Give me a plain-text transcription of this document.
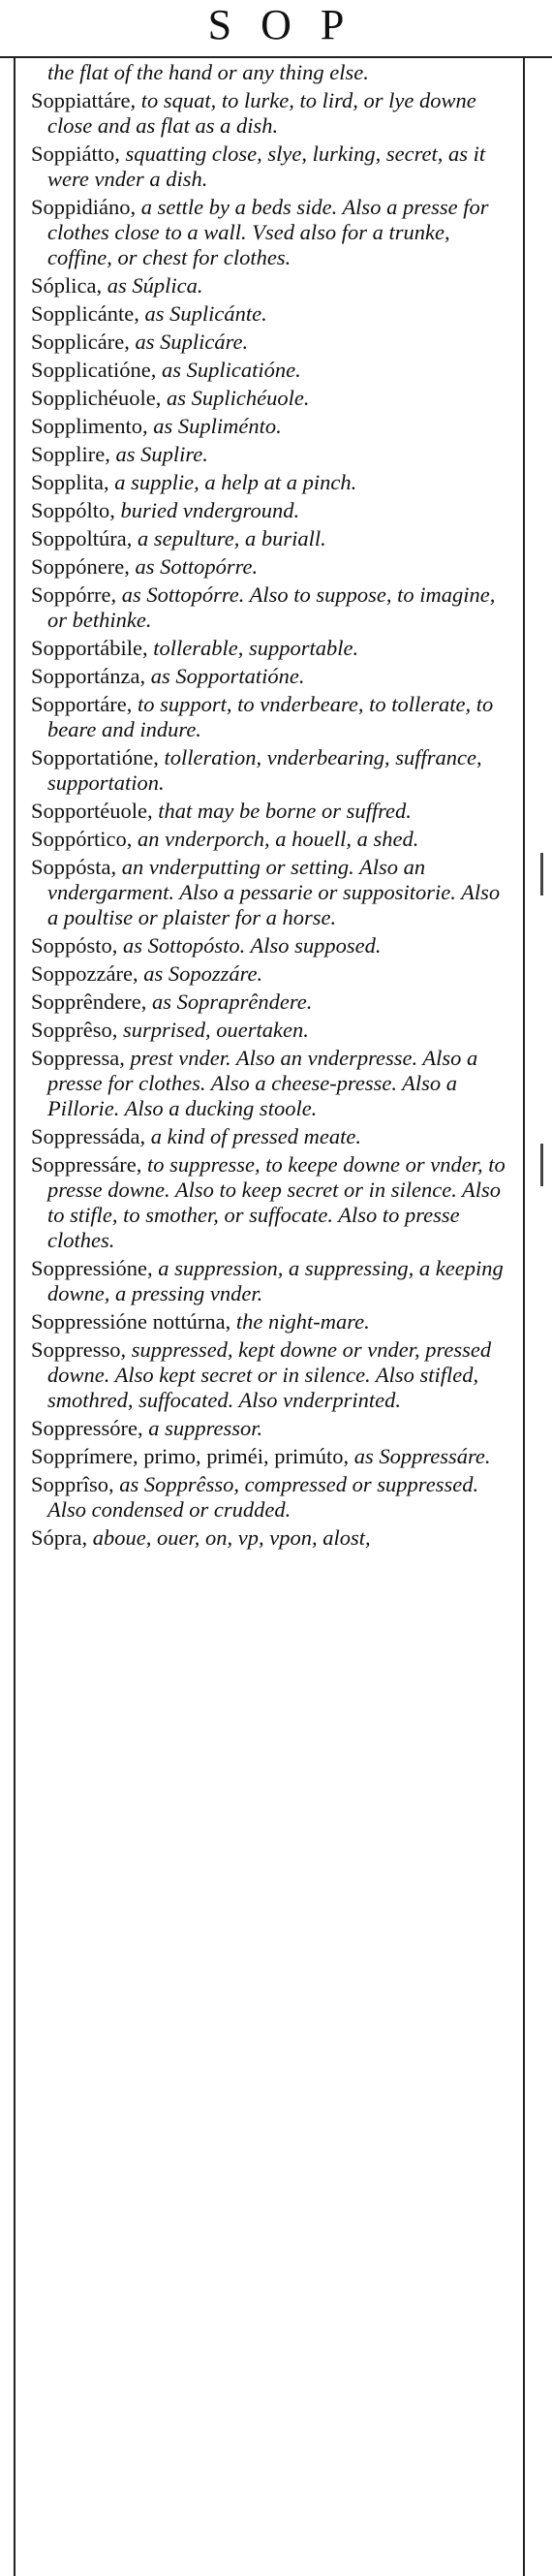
SOP
the flat of the hand or any thing else.
Soppiattáre, to squat, to lurke, to lird, or lye downe close and as flat as a dish.
Soppiátto, squatting close, slye, lurking, secret, as it were vnder a dish.
Soppidiáno, a settle by a beds side. Also a presse for clothes close to a wall. Vsed also for a trunke, coffine, or chest for clothes.
Sóplica, as Súplica.
Sopplicánte, as Suplicánte.
Sopplicáre, as Suplicáre.
Sopplicatióne, as Suplicatióne.
Sopplichéuole, as Suplichéuole.
Sopplimento, as Supliménto.
Sopplire, as Suplire.
Sopplita, a supplie, a help at a pinch.
Soppólto, buried vnderground.
Soppoltúra, a sepulture, a buriall.
Soppónere, as Sottopórre.
Soppórre, as Sottopórre. Also to suppose, to imagine, or bethinke.
Sopportábile, tollerable, supportable.
Sopportánza, as Sopportatióne.
Sopportáre, to support, to vnderbeare, to tollerate, to beare and indure.
Sopportatióne, tolleration, vnderbearing, suffrance, supportation.
Sopportéuole, that may be borne or suffred.
Soppórtico, an vnderporch, a houell, a shed.
Soppósta, an vnderputting or setting. Also an vndergarment. Also a pessarie or suppositorie. Also a poultise or plaister for a horse.
Soppósto, as Sottopósto. Also supposed.
Soppozzáre, as Sopozzáre.
Sopprêndere, as Sopraprêndere.
Sopprêso, surprised, ouertaken.
Soppressa, prest vnder. Also an vnderpresse. Also a presse for clothes. Also a cheese-presse. Also a Pillorie. Also a ducking stoole.
Soppressáda, a kind of pressed meate.
Soppressáre, to suppresse, to keepe downe or vnder, to presse downe. Also to keep secret or in silence. Also to stifle, to smother, or suffocate. Also to presse clothes.
Soppressióne, a suppression, a suppressing, a keeping downe, a pressing vnder.
Soppressióne nottúrna, the night-mare.
Soppresso, suppressed, kept downe or vnder, pressed downe. Also kept secret or in silence. Also stifled, smothred, suffocated. Also vnderprinted.
Soppressóre, a suppressor.
Sopprímere, primo, priméi, primúto, as Soppressáre.
Sopprîso, as Sopprêsso, compressed or suppressed. Also condensed or crudded.
Sópra, aboue, ouer, on, vp, vpon, alost,
